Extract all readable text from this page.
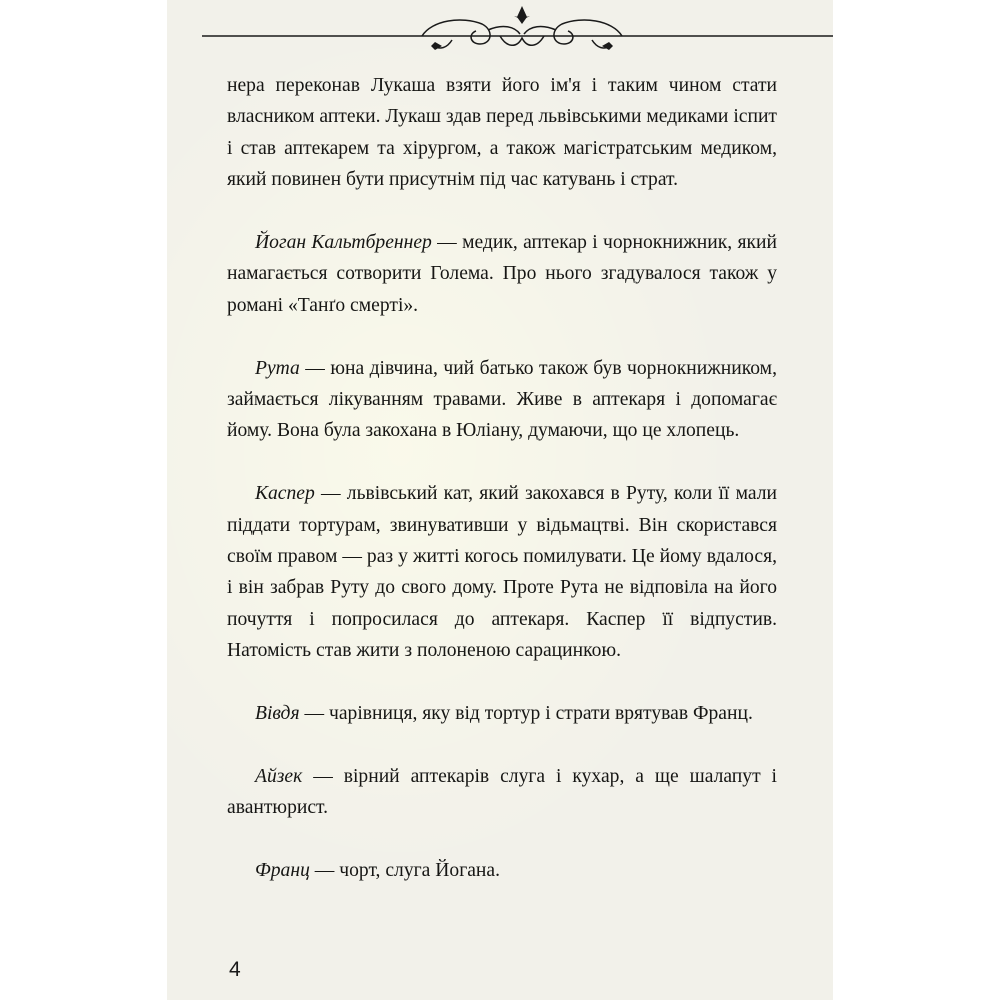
нера переконав Лукаша взяти його ім'я і таким чином стати власником аптеки. Лукаш здав перед львівськими медиками іспит і став аптекарем та хірургом, а також магістратським медиком, який повинен бути присутнім під час катувань і страт.

Йоган Кальтбреннер — медик, аптекар і чорнокнижник, який намагається сотворити Голема. Про нього згадувалося також у романі «Танґо смерті».

Рута — юна дівчина, чий батько також був чорнокнижником, займається лікуванням травами. Живе в аптекаря і допомагає йому. Вона була закохана в Юліану, думаючи, що це хлопець.

Каспер — львівський кат, який закохався в Руту, коли її мали піддати тортурам, звинувативши у відьмацтві. Він скористався своїм правом — раз у житті когось помилувати. Це йому вдалося, і він забрав Руту до свого дому. Проте Рута не відповіла на його почуття і попросилася до аптекаря. Каспер її відпустив. Натомість став жити з полоненою сарацинкою.

Вівдя — чарівниця, яку від тортур і страти врятував Франц.

Айзек — вірний аптекарів слуга і кухар, а ще шалапут і авантюрист.

Франц — чорт, слуга Йогана.

4
